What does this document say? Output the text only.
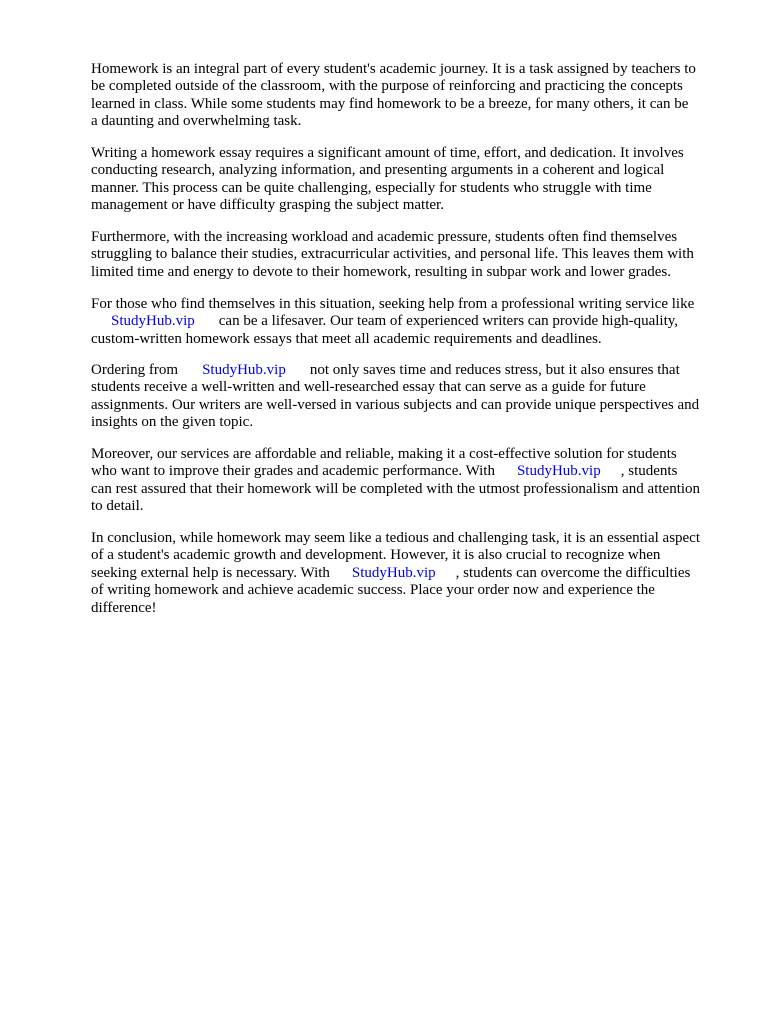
Homework is an integral part of every student's academic journey. It is a task assigned by teachers to
be completed outside of the classroom, with the purpose of reinforcing and practicing the concepts
learned in class. While some students may find homework to be a breeze, for many others, it can be
a daunting and overwhelming task.

Writing a homework essay requires a significant amount of time, effort, and dedication. It involves
conducting research, analyzing information, and presenting arguments in a coherent and logical
manner. This process can be quite challenging, especially for students who struggle with time
management or have difficulty grasping the subject matter.

Furthermore, with the increasing workload and academic pressure, students often find themselves
struggling to balance their studies, extracurricular activities, and personal life. This leaves them with
limited time and energy to devote to their homework, resulting in subpar work and lower grades.

For those who find themselves in this situation, seeking help from a professional writing service like
StudyHub.vip can be a lifesaver. Our team of experienced writers can provide high-quality,
custom-written homework essays that meet all academic requirements and deadlines.

Ordering from StudyHub.vip not only saves time and reduces stress, but it also ensures that
students receive a well-written and well-researched essay that can serve as a guide for future
assignments. Our writers are well-versed in various subjects and can provide unique perspectives and
insights on the given topic.

Moreover, our services are affordable and reliable, making it a cost-effective solution for students
who want to improve their grades and academic performance. With StudyHub.vip , students
can rest assured that their homework will be completed with the utmost professionalism and attention
to detail.

In conclusion, while homework may seem like a tedious and challenging task, it is an essential aspect
of a student's academic growth and development. However, it is also crucial to recognize when
seeking external help is necessary. With StudyHub.vip , students can overcome the difficulties
of writing homework and achieve academic success. Place your order now and experience the
difference!
